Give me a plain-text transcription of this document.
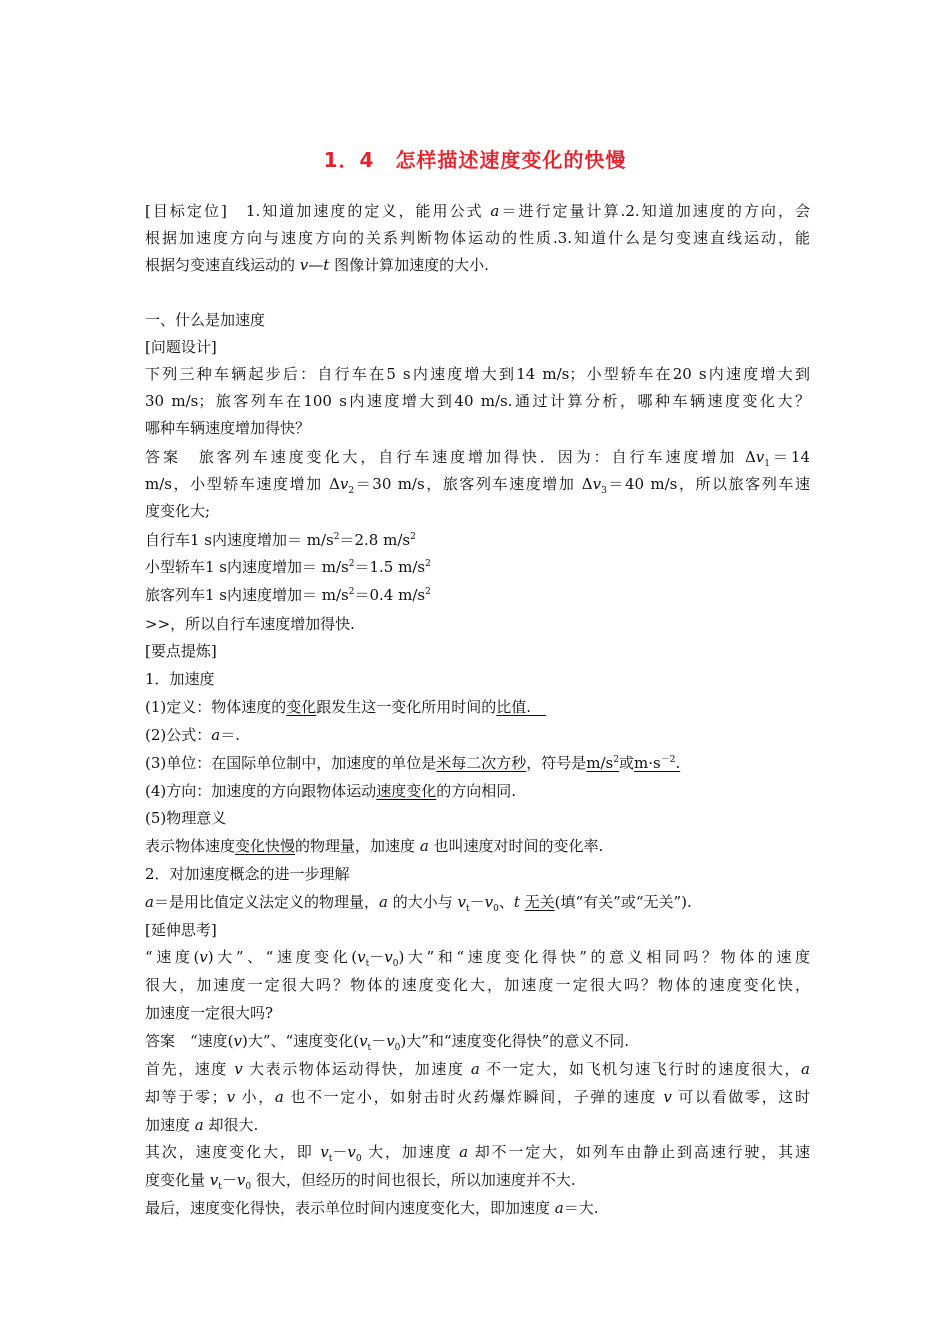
1．4　怎样描述速度变化的快慢
[目标定位]　1.知道加速度的定义，能用公式 a＝进行定量计算.2.知道加速度的方向，会
根据加速度方向与速度方向的关系判断物体运动的性质.3.知道什么是匀变速直线运动，能
根据匀变速直线运动的 v—t 图像计算加速度的大小.
一、什么是加速度
[问题设计]
下列三种车辆起步后：自行车在5 s内速度增大到14 m/s；小型轿车在20 s内速度增大到
30 m/s；旅客列车在100 s内速度增大到40 m/s.通过计算分析，哪种车辆速度变化大？
哪种车辆速度增加得快？
答案　旅客列车速度变化大，自行车速度增加得快．因为：自行车速度增加 $\Delta v_1=14$
m/s，小型轿车速度增加 $\Delta v_2=30$ m/s，旅客列车速度增加 $\Delta v_3=40$ m/s，所以旅客列车速
度变化大;
自行车1 s内速度增加＝ $m/s^2=2.8$ $m/s^2$
小型轿车1 s内速度增加＝ $m/s^2=1.5$ $m/s^2$
旅客列车1 s内速度增加＝ $m/s^2=0.4$ $m/s^2$
>>，所以自行车速度增加得快.
[要点提炼]
1．加速度
(1)定义：物体速度的变化跟发生这一变化所用时间的比值.　
(2)公式：a＝.
(3)单位：在国际单位制中，加速度的单位是米每二次方秒，符号是$m/s^2$或$m\cdot s^{-2}$.
(4)方向：加速度的方向跟物体运动速度变化的方向相同.
(5)物理意义
表示物体速度变化快慢的物理量，加速度 a 也叫速度对时间的变化率.
2．对加速度概念的进一步理解
a＝是用比值定义法定义的物理量，a 的大小与 $v_t-v_0$、t 无关(填“有关”或“无关”).
[延伸思考]
“速度(v)大”、“速度变化$(v_t-v_0)$大”和“速度变化得快”的意义相同吗？物体的速度
很大，加速度一定很大吗？物体的速度变化大，加速度一定很大吗？物体的速度变化快，
加速度一定很大吗?
答案　“速度(v)大”、“速度变化$(v_t-v_0)$大”和“速度变化得快”的意义不同.
首先，速度 v 大表示物体运动得快，加速度 a 不一定大，如飞机匀速飞行时的速度很大，a
却等于零；v 小，a 也不一定小，如射击时火药爆炸瞬间，子弹的速度 v 可以看做零，这时
加速度 a 却很大.
其次，速度变化大，即 $v_t-v_0$ 大，加速度 a 却不一定大，如列车由静止到高速行驶，其速
度变化量 $v_t-v_0$ 很大，但经历的时间也很长，所以加速度并不大.
最后，速度变化得快，表示单位时间内速度变化大，即加速度 a＝大.
